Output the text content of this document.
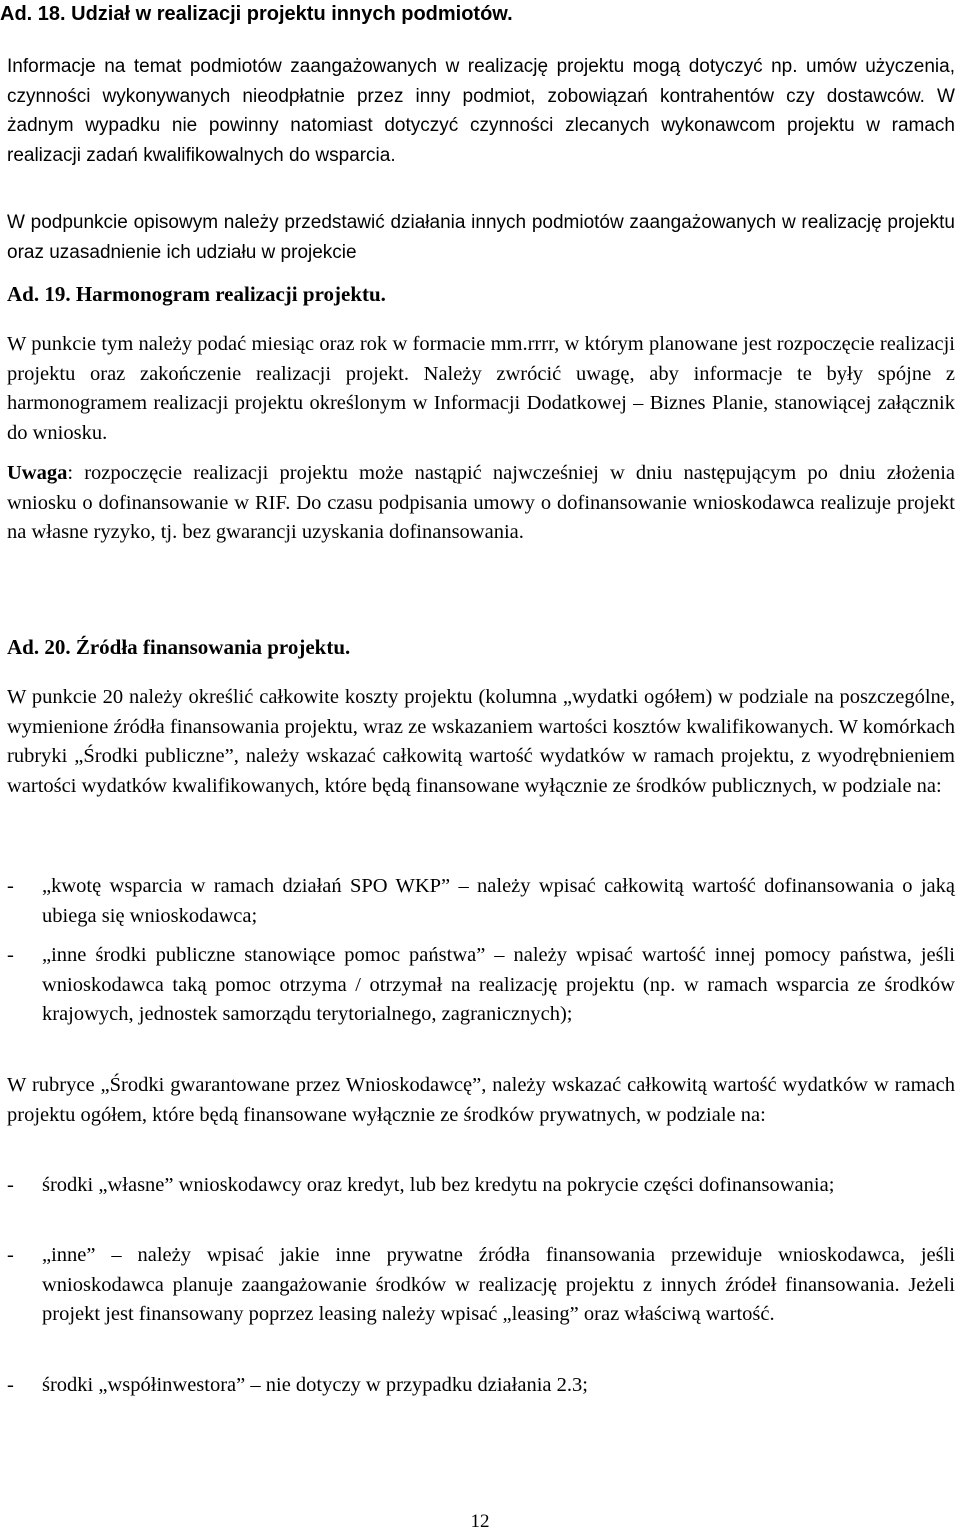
Ad. 18. Udział w realizacji projektu innych podmiotów.

Informacje na temat podmiotów zaangażowanych w realizację projektu mogą dotyczyć np. umów użyczenia, czynności wykonywanych nieodpłatnie przez inny podmiot, zobowiązań kontrahentów czy dostawców. W żadnym wypadku nie powinny natomiast dotyczyć czynności zlecanych wykonawcom projektu w ramach realizacji zadań kwalifikowalnych do wsparcia.

W podpunkcie opisowym należy przedstawić działania innych podmiotów zaangażowanych w realizację projektu oraz uzasadnienie ich udziału w projekcie

Ad. 19. Harmonogram realizacji projektu.

W punkcie tym należy podać miesiąc oraz rok w formacie mm.rrrr, w którym planowane jest rozpoczęcie realizacji projektu oraz zakończenie realizacji projekt. Należy zwrócić uwagę, aby informacje te były spójne z harmonogramem realizacji projektu określonym w Informacji Dodatkowej – Biznes Planie, stanowiącej załącznik do wniosku.

Uwaga: rozpoczęcie realizacji projektu może nastąpić najwcześniej w dniu następującym po dniu złożenia wniosku o dofinansowanie w RIF. Do czasu podpisania umowy o dofinansowanie wnioskodawca realizuje projekt na własne ryzyko, tj. bez gwarancji uzyskania dofinansowania.

Ad. 20. Źródła finansowania projektu.

W punkcie 20 należy określić całkowite koszty projektu (kolumna „wydatki ogółem) w podziale na poszczególne, wymienione źródła finansowania projektu, wraz ze wskazaniem wartości kosztów kwalifikowanych. W komórkach rubryki „Środki publiczne”, należy wskazać całkowitą wartość wydatków w ramach projektu, z wyodrębnieniem wartości wydatków kwalifikowanych, które będą finansowane wyłącznie ze środków publicznych, w podziale na:

- „kwotę wsparcia w ramach działań SPO WKP” – należy wpisać całkowitą wartość dofinansowania o jaką ubiega się wnioskodawca;
- „inne środki publiczne stanowiące pomoc państwa” – należy wpisać wartość innej pomocy państwa, jeśli wnioskodawca taką pomoc otrzyma / otrzymał na realizację projektu (np. w ramach wsparcia ze środków krajowych, jednostek samorządu terytorialnego, zagranicznych);

W rubryce „Środki gwarantowane przez Wnioskodawcę”, należy wskazać całkowitą wartość wydatków w ramach projektu ogółem, które będą finansowane wyłącznie ze środków prywatnych, w podziale na:

- środki „własne” wnioskodawcy oraz kredyt, lub bez kredytu na pokrycie części dofinansowania;
- „inne” – należy wpisać jakie inne prywatne źródła finansowania przewiduje wnioskodawca, jeśli wnioskodawca planuje zaangażowanie środków w realizację projektu z innych źródeł finansowania. Jeżeli projekt jest finansowany poprzez leasing należy wpisać „leasing” oraz właściwą wartość.
- środki „współinwestora” – nie dotyczy w przypadku działania 2.3;
12
